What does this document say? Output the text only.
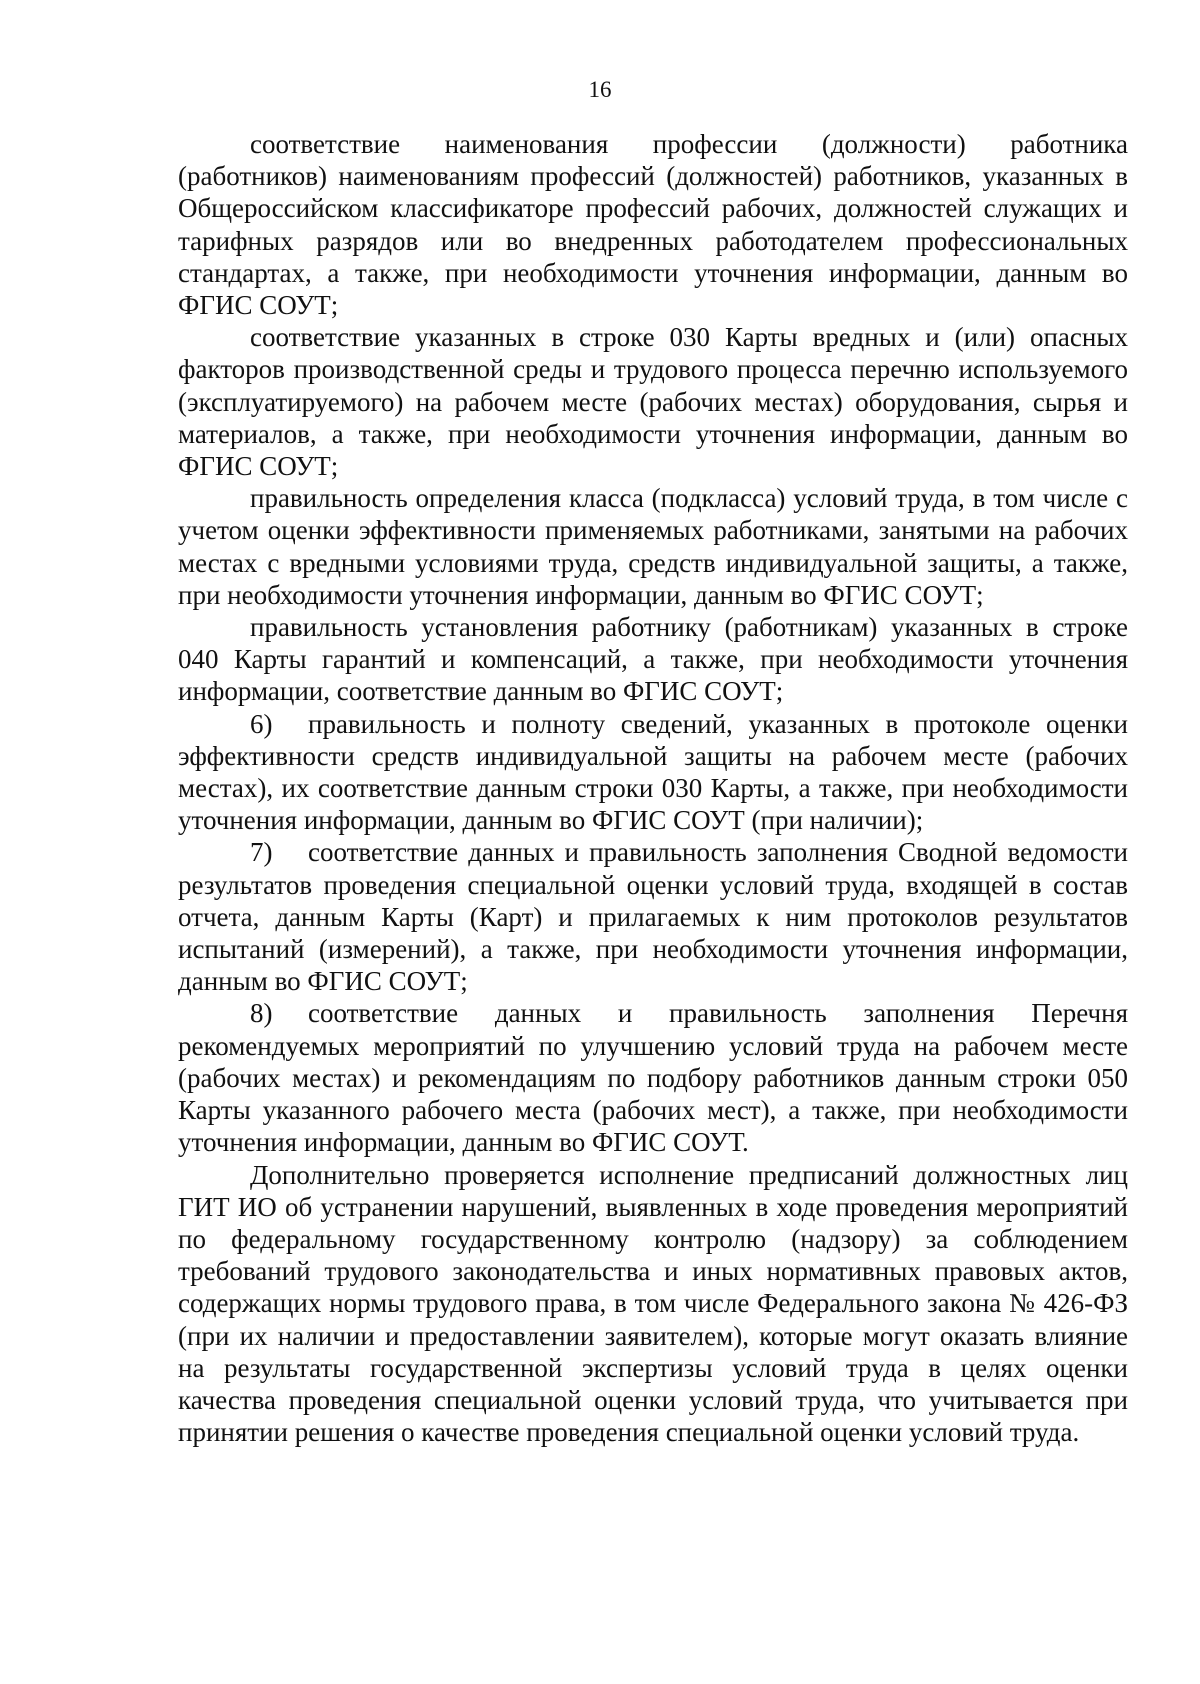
16

соответствие наименования профессии (должности) работника (работников) наименованиям профессий (должностей) работников, указанных в Общероссийском классификаторе профессий рабочих, должностей служащих и тарифных разрядов или во внедренных работодателем профессиональных стандартах, а также, при необходимости уточнения информации, данным во ФГИС СОУТ;

соответствие указанных в строке 030 Карты вредных и (или) опасных факторов производственной среды и трудового процесса перечню используемого (эксплуатируемого) на рабочем месте (рабочих местах) оборудования, сырья и материалов, а также, при необходимости уточнения информации, данным во ФГИС СОУТ;

правильность определения класса (подкласса) условий труда, в том числе с учетом оценки эффективности применяемых работниками, занятыми на рабочих местах с вредными условиями труда, средств индивидуальной защиты, а также, при необходимости уточнения информации, данным во ФГИС СОУТ;

правильность установления работнику (работникам) указанных в строке 040 Карты гарантий и компенсаций, а также, при необходимости уточнения информации, соответствие данным во ФГИС СОУТ;

6) правильность и полноту сведений, указанных в протоколе оценки эффективности средств индивидуальной защиты на рабочем месте (рабочих местах), их соответствие данным строки 030 Карты, а также, при необходимости уточнения информации, данным во ФГИС СОУТ (при наличии);

7) соответствие данных и правильность заполнения Сводной ведомости результатов проведения специальной оценки условий труда, входящей в состав отчета, данным Карты (Карт) и прилагаемых к ним протоколов результатов испытаний (измерений), а также, при необходимости уточнения информации, данным во ФГИС СОУТ;

8) соответствие данных и правильность заполнения Перечня рекомендуемых мероприятий по улучшению условий труда на рабочем месте (рабочих местах) и рекомендациям по подбору работников данным строки 050 Карты указанного рабочего места (рабочих мест), а также, при необходимости уточнения информации, данным во ФГИС СОУТ.

Дополнительно проверяется исполнение предписаний должностных лиц ГИТ ИО об устранении нарушений, выявленных в ходе проведения мероприятий по федеральному государственному контролю (надзору) за соблюдением требований трудового законодательства и иных нормативных правовых актов, содержащих нормы трудового права, в том числе Федерального закона № 426-ФЗ (при их наличии и предоставлении заявителем), которые могут оказать влияние на результаты государственной экспертизы условий труда в целях оценки качества проведения специальной оценки условий труда, что учитывается при принятии решения о качестве проведения специальной оценки условий труда.
